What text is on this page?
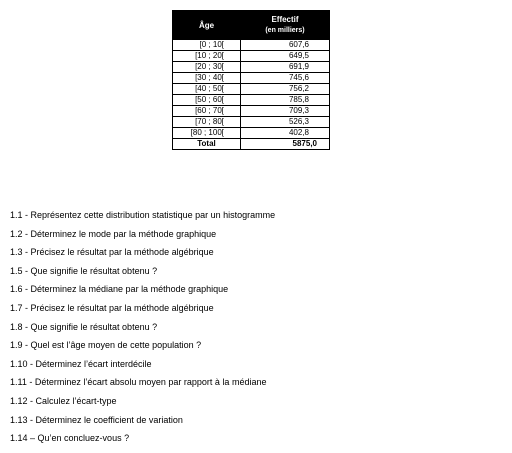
Âge	Effectif
(en milliers)

[0 ; 10[	607,6
[10 ; 20[	649,5
[20 ; 30[	691,9
[30 ; 40[	745,6
[40 ; 50[	756,2
[50 ; 60[	785,8
[60 ; 70[	709,3
[70 ; 80[	526,3
[80 ; 100[	402,8
Total	5875,0
1.1 - Représentez cette distribution statistique par un histogramme
1.2 - Déterminez le mode par la méthode graphique
1.3 - Précisez le résultat par la méthode algébrique
1.5 - Que signifie le résultat obtenu ?
1.6 - Déterminez la médiane par la méthode graphique
1.7 - Précisez le résultat par la méthode algébrique
1.8 - Que signifie le résultat obtenu ?
1.9 - Quel est l’âge moyen de cette population ?
1.10 - Déterminez l’écart interdécile
1.11 - Déterminez l’écart absolu moyen par rapport à la médiane
1.12 - Calculez l’écart-type
1.13 - Déterminez le coefficient de variation
1.14 – Qu’en concluez-vous ?
